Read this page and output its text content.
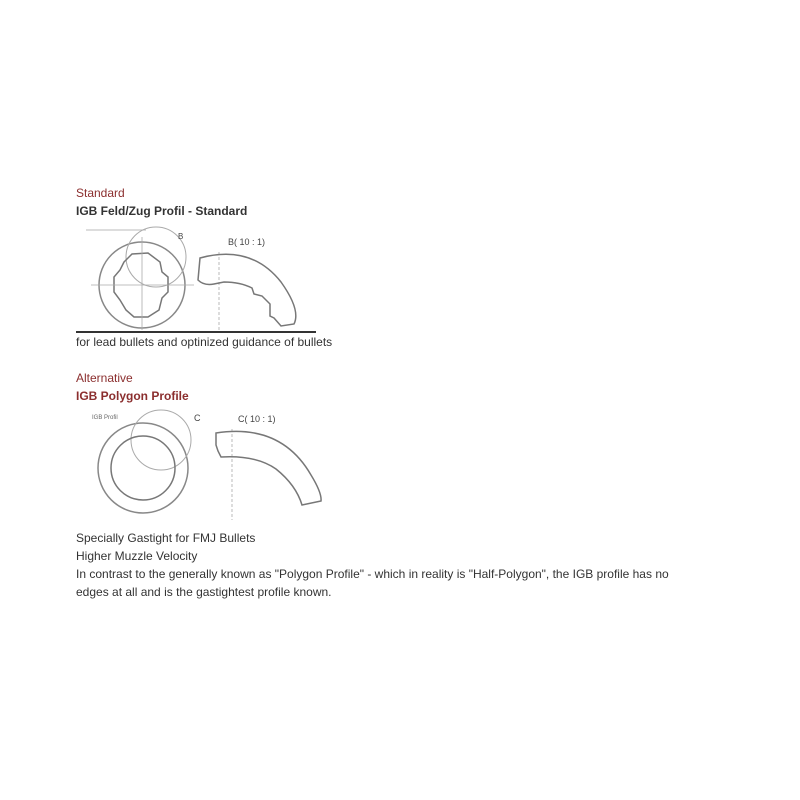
Standard
IGB Feld/Zug Profil - Standard
B
B( 10 : 1)
for lead bullets and optinized guidance of bullets
Alternative
IGB Polygon Profile
IGB Profil	C	C( 10 : 1)
Specially Gastight for FMJ Bullets
Higher Muzzle Velocity
In contrast to the generally known as "Polygon Profile" - which in reality is "Half-Polygon", the IGB profile has no
edges at all and is the gastightest profile known.
